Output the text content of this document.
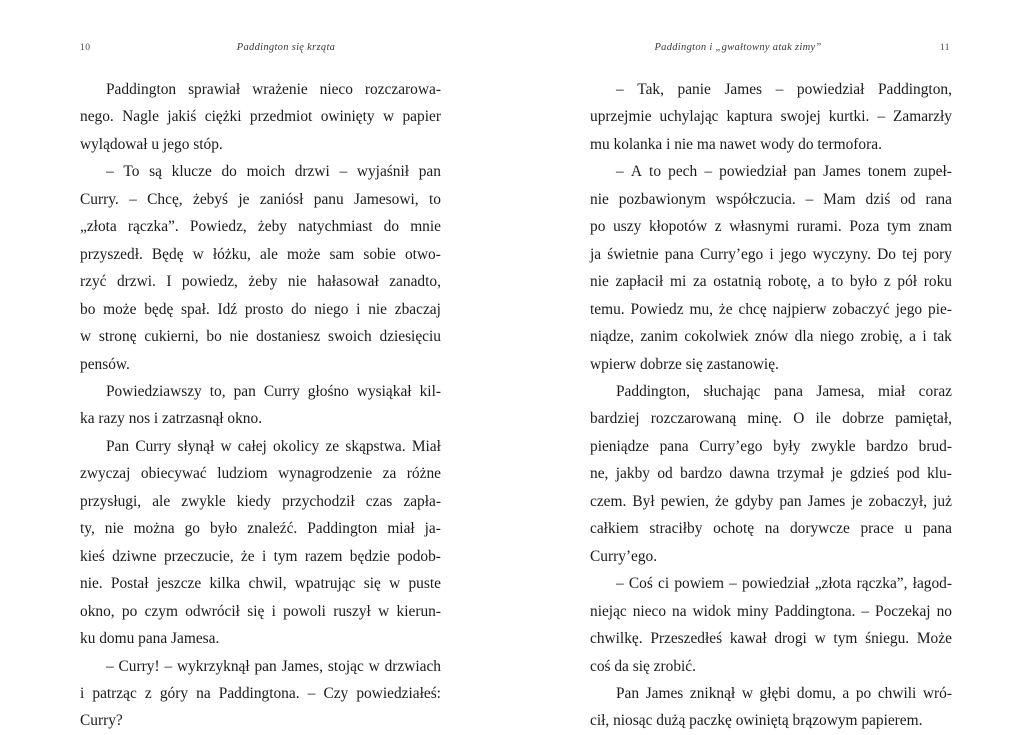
10	Paddington się krząta

Paddington sprawiał wrażenie nieco rozczarowa-
nego. Nagle jakiś ciężki przedmiot owinięty w papier
wylądował u jego stóp.

– To są klucze do moich drzwi – wyjaśnił pan
Curry. – Chcę, żebyś je zaniósł panu Jamesowi, to
„złota rączka”. Powiedz, żeby natychmiast do mnie
przyszedł. Będę w łóżku, ale może sam sobie otwo-
rzyć drzwi. I powiedz, żeby nie hałasował zanadto,
bo może będę spał. Idź prosto do niego i nie zbaczaj
w stronę cukierni, bo nie dostaniesz swoich dziesięciu
pensów.

Powiedziawszy to, pan Curry głośno wysiąkał kil-
ka razy nos i zatrzasnął okno.

Pan Curry słynął w całej okolicy ze skąpstwa. Miał
zwyczaj obiecywać ludziom wynagrodzenie za różne
przysługi, ale zwykle kiedy przychodził czas zapła-
ty, nie można go było znaleźć. Paddington miał ja-
kieś dziwne przeczucie, że i tym razem będzie podob-
nie. Postał jeszcze kilka chwil, wpatrując się w puste
okno, po czym odwrócił się i powoli ruszył w kierun-
ku domu pana Jamesa.

– Curry! – wykrzyknął pan James, stojąc w drzwiach
i patrząc z góry na Paddingtona. – Czy powiedziałeś:
Curry?

Paddington i „gwałtowny atak zimy”	11

– Tak, panie James – powiedział Paddington,
uprzejmie uchylając kaptura swojej kurtki. – Zamarzły
mu kolanka i nie ma nawet wody do termofora.

– A to pech – powiedział pan James tonem zupeł-
nie pozbawionym współczucia. – Mam dziś od rana
po uszy kłopotów z własnymi rurami. Poza tym znam
ja świetnie pana Curry’ego i jego wyczyny. Do tej pory
nie zapłacił mi za ostatnią robotę, a to było z pół roku
temu. Powiedz mu, że chcę najpierw zobaczyć jego pie-
niądze, zanim cokolwiek znów dla niego zrobię, a i tak
wpierw dobrze się zastanowię.

Paddington, słuchając pana Jamesa, miał coraz
bardziej rozczarowaną minę. O ile dobrze pamiętał,
pieniądze pana Curry’ego były zwykle bardzo brud-
ne, jakby od bardzo dawna trzymał je gdzieś pod klu-
czem. Był pewien, że gdyby pan James je zobaczył, już
całkiem straciłby ochotę na dorywcze prace u pana
Curry’ego.

– Coś ci powiem – powiedział „złota rączka”, łagod-
niejąc nieco na widok miny Paddingtona. – Poczekaj no
chwilkę. Przeszedłeś kawał drogi w tym śniegu. Może
coś da się zrobić.

Pan James zniknął w głębi domu, a po chwili wró-
cił, niosąc dużą paczkę owiniętą brązowym papierem.
